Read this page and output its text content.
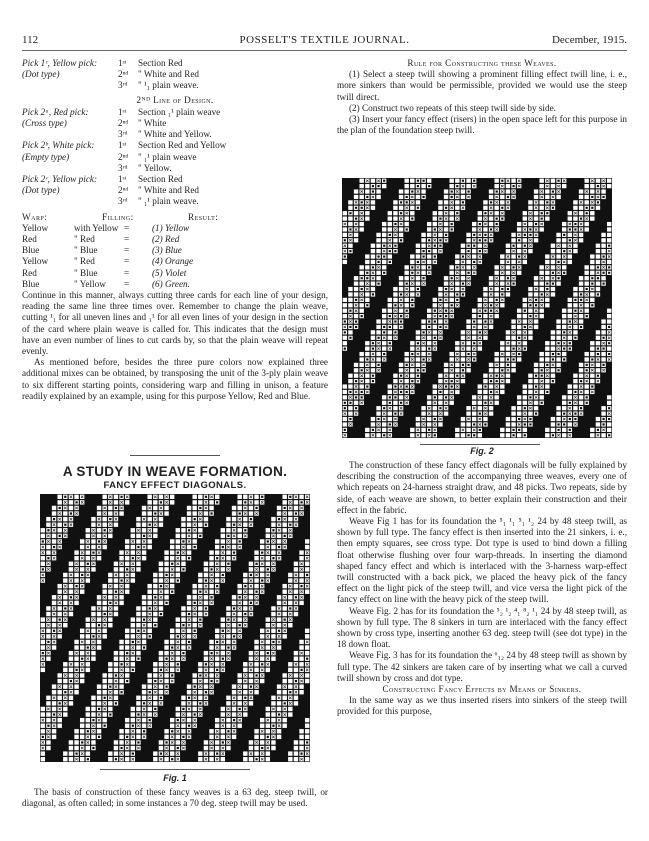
112	POSSELT'S TEXTILE JOURNAL.	December, 1915.
Pick 1ᶜ, Yellow pick:	1ˢᵗ	Section Red
(Dot type)	2ⁿᵈ	" White and Red
3ʳᵈ	" ¹₁ plain weave.
2ᴺᴰ Line of Design.
Pick 2ᵃ, Red pick:	1ˢᵗ	Section ₁¹ plain weave
(Cross type)	2ⁿᵈ	" White
3ʳᵈ	" White and Yellow.
Pick 2ᵇ, White pick:	1ˢᵗ	Section Red and Yellow
(Empty type)	2ⁿᵈ	" ₁¹ plain weave
3ʳᵈ	" Yellow.
Pick 2ᶜ, Yellow pick:	1ˢᵗ	Section Red
(Dot type)	2ⁿᵈ	" White and Red
3ʳᵈ	" ₁¹ plain weave.
Warp:	Filling:	Result:
Yellow	with Yellow =	(1) Yellow
Red	" Red	=	(2) Red
Blue	" Blue	=	(3) Blue
Yellow	" Red	=	(4) Orange
Red	" Blue	=	(5) Violet
Blue	" Yellow	=	(6) Green.

Continue in this manner, always cutting three cards for each line of your design, reading the same line three times over. Remember to change the plain weave, cutting ¹₁ for all uneven lines and ₁¹ for all even lines of your design in the section of the card where plain weave is called for. This indicates that the design must have an even number of lines to cut cards by, so that the plain weave will repeat evenly.

As mentioned before, besides the three pure colors now explained three additional mixes can be obtained, by transposing the unit of the 3-ply plain weave to six different starting points, considering warp and filling in unison, a feature readily explained by an example, using for this purpose Yellow, Red and Blue.

A STUDY IN WEAVE FORMATION.
FANCY EFFECT DIAGONALS.
Fig. 1

The basis of construction of these fancy weaves is a 63 deg. steep twill, or diagonal, as often called; in some instances a 70 deg. steep twill may be used.

Rule for Constructing these Weaves.

(1) Select a steep twill showing a prominent filling effect twill line, i. e., more sinkers than would be permissible, provided we would use the steep twill direct.

(2) Construct two repeats of this steep twill side by side.

(3) Insert your fancy effect (risers) in the open space left for this purpose in the plan of the foundation steep twill.

Fig. 2

The construction of these fancy effect diagonals will be fully explained by describing the construction of the accompanying three weaves, every one of which repeats on 24-harness straight draw, and 48 picks. Two repeats, side by side, of each weave are shown, to better explain their construction and their effect in the fabric.

Weave Fig 1 has for its foundation the ⁵₁ ¹₁ ⁵₁ ¹₂ 24 by 48 steep twill, as shown by full type. The fancy effect is then inserted into the 21 sinkers, i. e., then empty squares, see cross type. Dot type is used to bind down a filling float otherwise flushing over four warp-threads. In inserting the diamond shaped fancy effect and which is interlaced with the 3-harness warp-effect twill constructed with a back pick, we placed the heavy pick of the fancy effect on the light pick of the steep twill, and vice versa the light pick of the fancy effect on line with the heavy pick of the steep twill.

Weave Fig. 2 has for its foundation the ⁵₂ ¹₂ ⁴₁ ⁸₂ ¹₁ 24 by 48 steep twill, as shown by full type. The 8 sinkers in turn are interlaced with the fancy effect shown by cross type, inserting another 63 deg. steep twill (see dot type) in the 18 down float.

Weave Fig. 3 has for its foundation the ⁶₁₂ 24 by 48 steep twill as shown by full type. The 42 sinkers are taken care of by inserting what we call a curved twill shown by cross and dot type.

Constructing Fancy Effects by Means of Sinkers.

In the same way as we thus inserted risers into sinkers of the steep twill provided for this purpose,
